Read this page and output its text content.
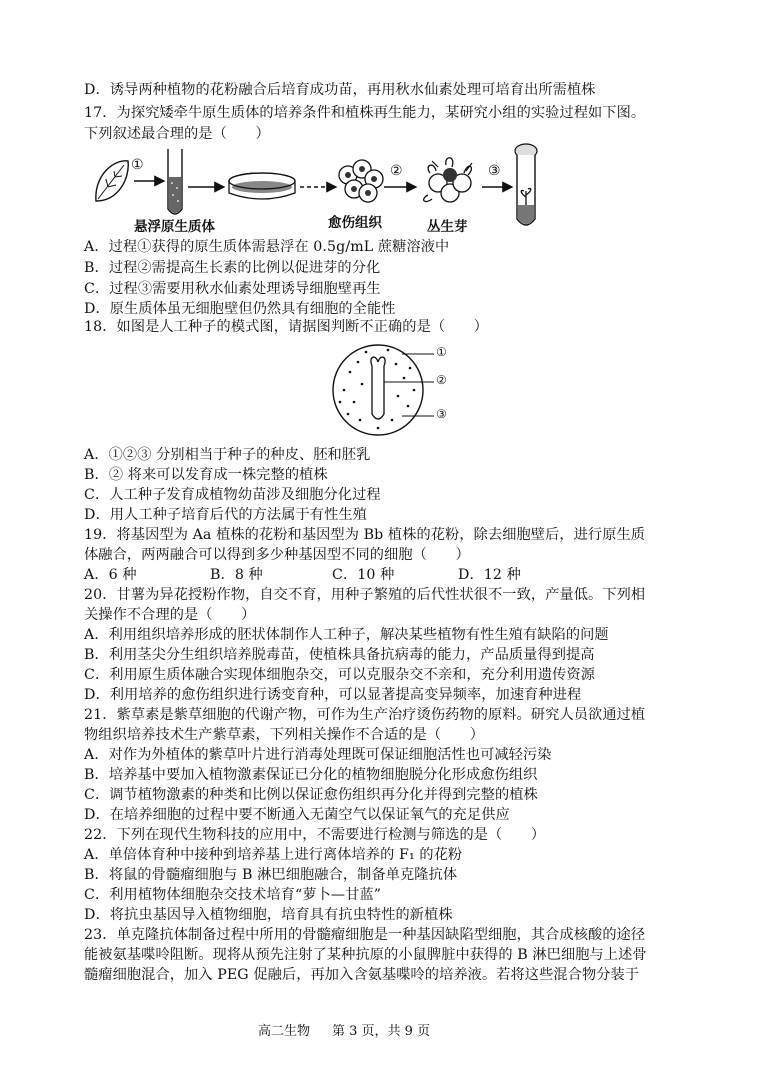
D．诱导两种植物的花粉融合后培育成功苗，再用秋水仙素处理可培育出所需植株
17．为探究矮牵牛原生质体的培养条件和植株再生能力，某研究小组的实验过程如下图。
下列叙述最合理的是（　　）
①	②	③
悬浮原生质体	愈伤组织	丛生芽
A．过程①获得的原生质体需悬浮在 0.5g/mL 蔗糖溶液中
B．过程②需提高生长素的比例以促进芽的分化
C．过程③需要用秋水仙素处理诱导细胞壁再生
D．原生质体虽无细胞壁但仍然具有细胞的全能性
18．如图是人工种子的模式图，请据图判断不正确的是（　　）
①
②
③
A．①②③ 分别相当于种子的种皮、胚和胚乳
B．② 将来可以发育成一株完整的植株
C．人工种子发育成植物幼苗涉及细胞分化过程
D．用人工种子培育后代的方法属于有性生殖
19．将基因型为 Aa 植株的花粉和基因型为 Bb 植株的花粉，除去细胞壁后，进行原生质
体融合，两两融合可以得到多少种基因型不同的细胞（　　）
A．6 种	B．8 种	C．10 种	D．12 种
20．甘薯为异花授粉作物，自交不育，用种子繁殖的后代性状很不一致，产量低。下列相
关操作不合理的是（　　）
A．利用组织培养形成的胚状体制作人工种子，解决某些植物有性生殖有缺陷的问题
B．利用茎尖分生组织培养脱毒苗，使植株具备抗病毒的能力，产品质量得到提高
C．利用原生质体融合实现体细胞杂交，可以克服杂交不亲和，充分利用遗传资源
D．利用培养的愈伤组织进行诱变育种，可以显著提高变异频率，加速育种进程
21．紫草素是紫草细胞的代谢产物，可作为生产治疗烫伤药物的原料。研究人员欲通过植
物组织培养技术生产紫草素，下列相关操作不合适的是（　　）
A．对作为外植体的紫草叶片进行消毒处理既可保证细胞活性也可减轻污染
B．培养基中要加入植物激素保证已分化的植物细胞脱分化形成愈伤组织
C．调节植物激素的种类和比例以保证愈伤组织再分化并得到完整的植株
D．在培养细胞的过程中要不断通入无菌空气以保证氧气的充足供应
22．下列在现代生物科技的应用中，不需要进行检测与筛选的是（　　）
A．单倍体育种中接种到培养基上进行离体培养的 F₁ 的花粉
B．将鼠的骨髓瘤细胞与 B 淋巴细胞融合，制备单克隆抗体
C．利用植物体细胞杂交技术培育“萝卜—甘蓝”
D．将抗虫基因导入植物细胞，培育具有抗虫特性的新植株
23．单克隆抗体制备过程中所用的骨髓瘤细胞是一种基因缺陷型细胞，其合成核酸的途径
能被氨基喋呤阻断。现将从预先注射了某种抗原的小鼠脾脏中获得的 B 淋巴细胞与上述骨
髓瘤细胞混合，加入 PEG 促融后，再加入含氨基喋呤的培养液。若将这些混合物分装于
高二生物 第 3 页，共 9 页
